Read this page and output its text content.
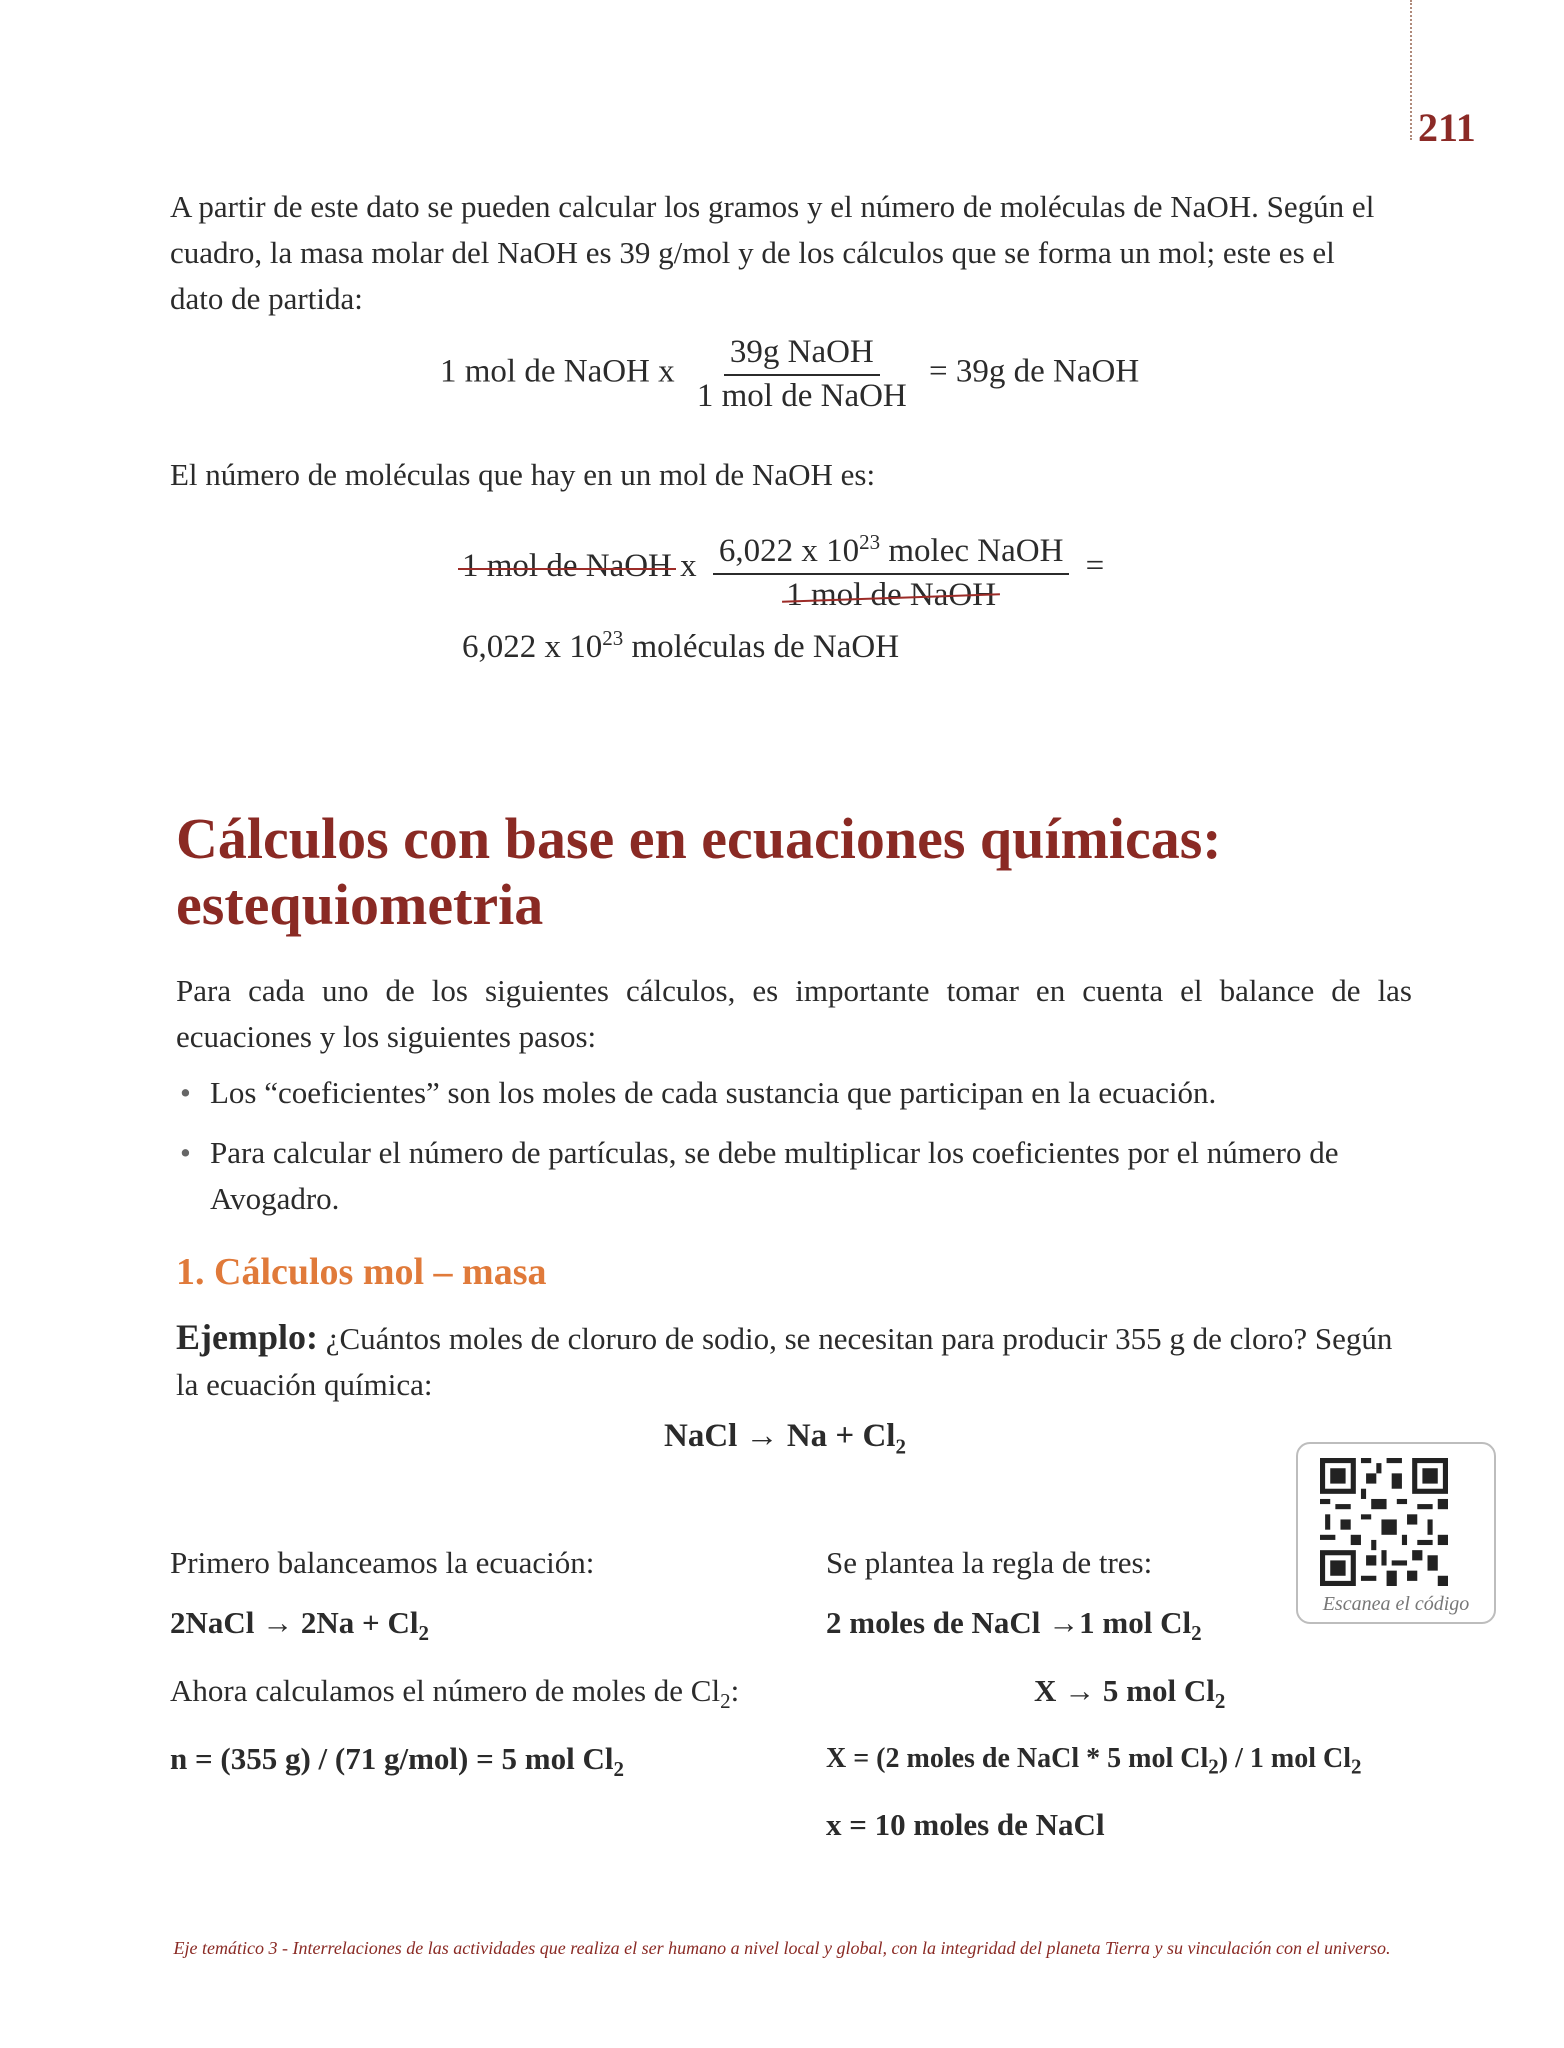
211
A partir de este dato se pueden calcular los gramos y el número de moléculas de NaOH. Según el cuadro, la masa molar del NaOH es 39 g/mol y de los cálculos que se forma un mol; este es el dato de partida:
1 mol de NaOH x $\frac{\text{39g NaOH}}{\text{1 mol de NaOH}} = 39g$ de NaOH
El número de moléculas que hay en un mol de NaOH es:
1 mol de NaOH x $\frac{6,022 x 10^{23} molec NaOH}{\text{1 mol de NaOH}}$ =
6,022 x $10^{23}$ moléculas de NaOH
Cálculos con base en ecuaciones químicas:
estequiometria
Para cada uno de los siguientes cálculos, es importante tomar en cuenta el balance de las ecuaciones y los siguientes pasos:
• Los “coeficientes” son los moles de cada sustancia que participan en la ecuación.
• Para calcular el número de partículas, se debe multiplicar los coeficientes por el número de Avogadro.
1. Cálculos mol – masa
Ejemplo: ¿Cuántos moles de cloruro de sodio, se necesitan para producir 355 g de cloro? Según la ecuación química:
NaCl → $Na + Cl_2$
Escanea el código
Primero balanceamos la ecuación:
2NaCl → $2Na + Cl_2$
Ahora calculamos el número de moles de $Cl_2$:
n = (355 g) / (71 g/mol) = 5 mol $Cl_2$
Se plantea la regla de tres:
2 moles de NaCl →1 mol $Cl_2$
X → 5 mol $Cl_2$
X = (2 moles de NaCl * 5 mol $Cl_2) / 1$ mol $Cl_2$
x = 10 moles de NaCl
Eje temático 3 - Interrelaciones de las actividades que realiza el ser humano a nivel local y global, con la integridad del planeta Tierra y su vinculación con el universo.
